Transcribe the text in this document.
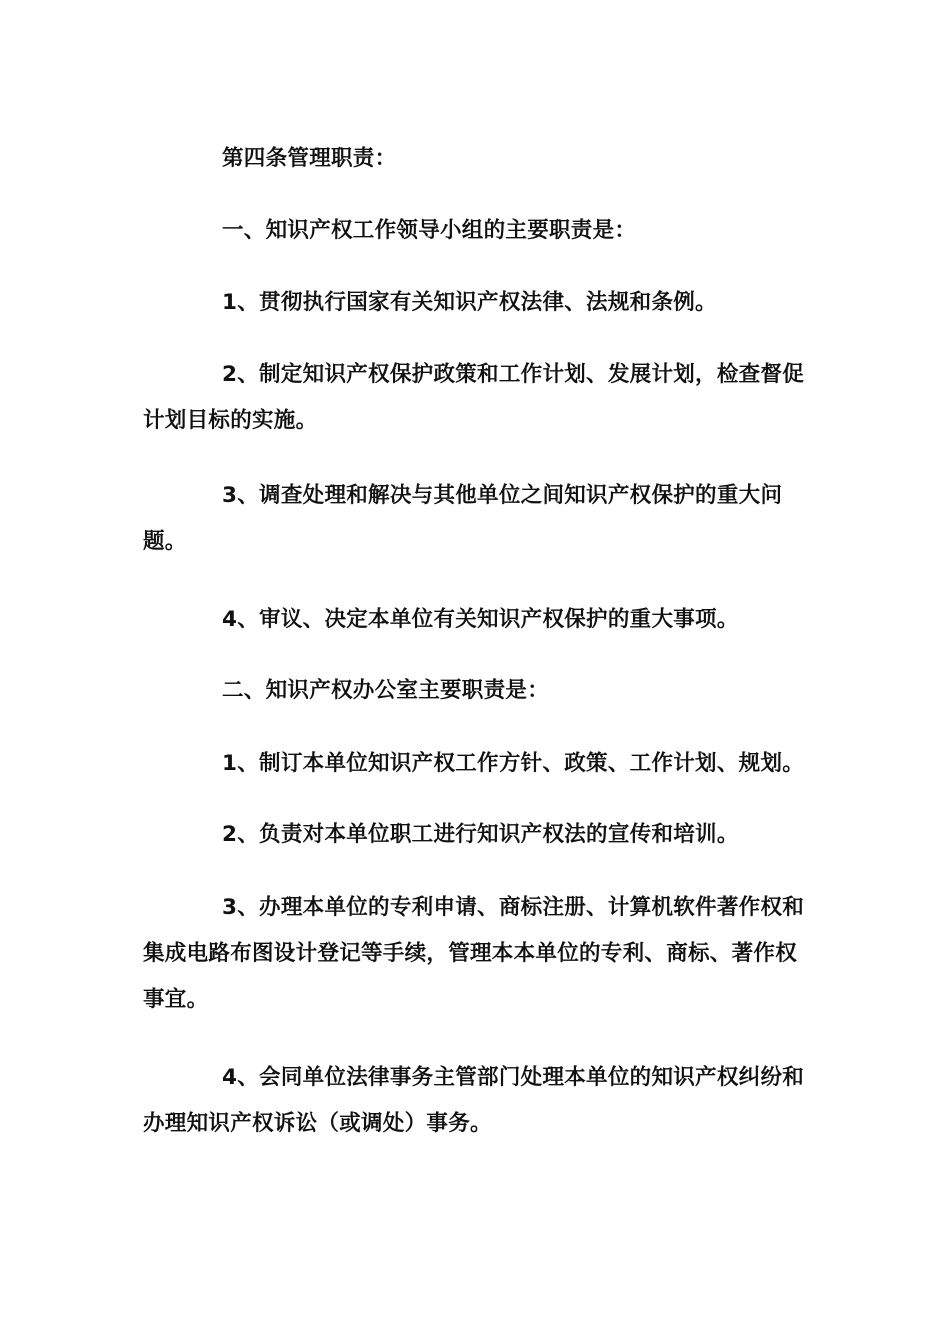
第四条管理职责：

一、知识产权工作领导小组的主要职责是：

1、贯彻执行国家有关知识产权法律、法规和条例。

2、制定知识产权保护政策和工作计划、发展计划，检查督促计划目标的实施。

3、调查处理和解决与其他单位之间知识产权保护的重大问题。

4、审议、决定本单位有关知识产权保护的重大事项。

二、知识产权办公室主要职责是：

1、制订本单位知识产权工作方针、政策、工作计划、规划。

2、负责对本单位职工进行知识产权法的宣传和培训。

3、办理本单位的专利申请、商标注册、计算机软件著作权和集成电路布图设计登记等手续，管理本本单位的专利、商标、著作权事宜。

4、会同单位法律事务主管部门处理本单位的知识产权纠纷和办理知识产权诉讼（或调处）事务。
